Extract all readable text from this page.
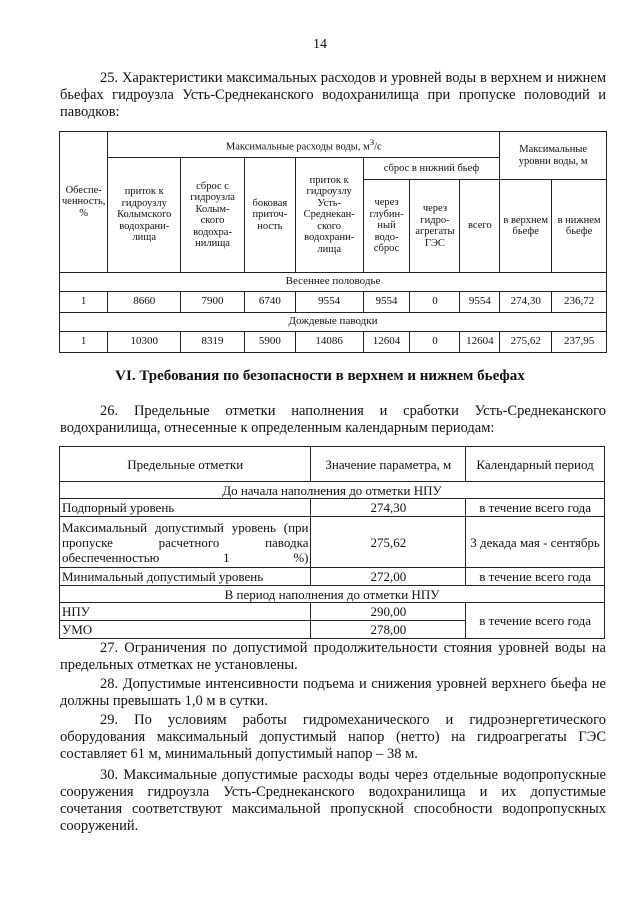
14
25. Характеристики максимальных расходов и уровней воды в верхнем и нижнем бьефах гидроузла Усть-Среднеканского водохранилища при пропуске половодий и паводков:
Обеспе- ченность, %	Максимальные расходы воды, $м^3/с$							Максимальные уровни воды, м	
	приток к гидроузлу Колымского водохрани- лища	сброс с гидроузла Колым- ского водохра- нилища	боковая приточ- ность	приток к гидроузлу Усть- Среднекан- ского водохрани- лища	сброс в нижний бьеф				
					через глубин- ный водо- сброс	через гидро- агрегаты ГЭС	всего	в верхнем бьефе	в нижнем бьефе
Весеннее половодье									
1	8660	7900	6740	9554	9554	0	9554	274,30	236,72
Дождевые паводки									
1	10300	8319	5900	14086	12604	0	12604	275,62	237,95
VI. Требования по безопасности в верхнем и нижнем бьефах
26. Предельные отметки наполнения и сработки Усть-Среднеканского водохранилища, отнесенные к определенным календарным периодам:
Предельные отметки	Значение параметра, м	Календарный период
До начала наполнения до отметки НПУ		
Подпорный уровень	274,30	в течение всего года
Максимальный допустимый уровень (при пропуске расчетного паводка обеспеченностью 1 %)	275,62	3 декада мая - сентябрь
Минимальный допустимый уровень	272,00	в течение всего года
В период наполнения до отметки НПУ		
НПУ	290,00	в течение всего года
УМО	278,00	
27. Ограничения по допустимой продолжительности стояния уровней воды на предельных отметках не установлены.
28. Допустимые интенсивности подъема и снижения уровней верхнего бьефа не должны превышать 1,0 м в сутки.
29. По условиям работы гидромеханического и гидроэнергетического оборудования максимальный допустимый напор (нетто) на гидроагрегаты ГЭС составляет 61 м, минимальный допустимый напор – 38 м.
30. Максимальные допустимые расходы воды через отдельные водопропускные сооружения гидроузла Усть-Среднеканского водохранилища и их допустимые сочетания соответствуют максимальной пропускной способности водопропускных сооружений.
